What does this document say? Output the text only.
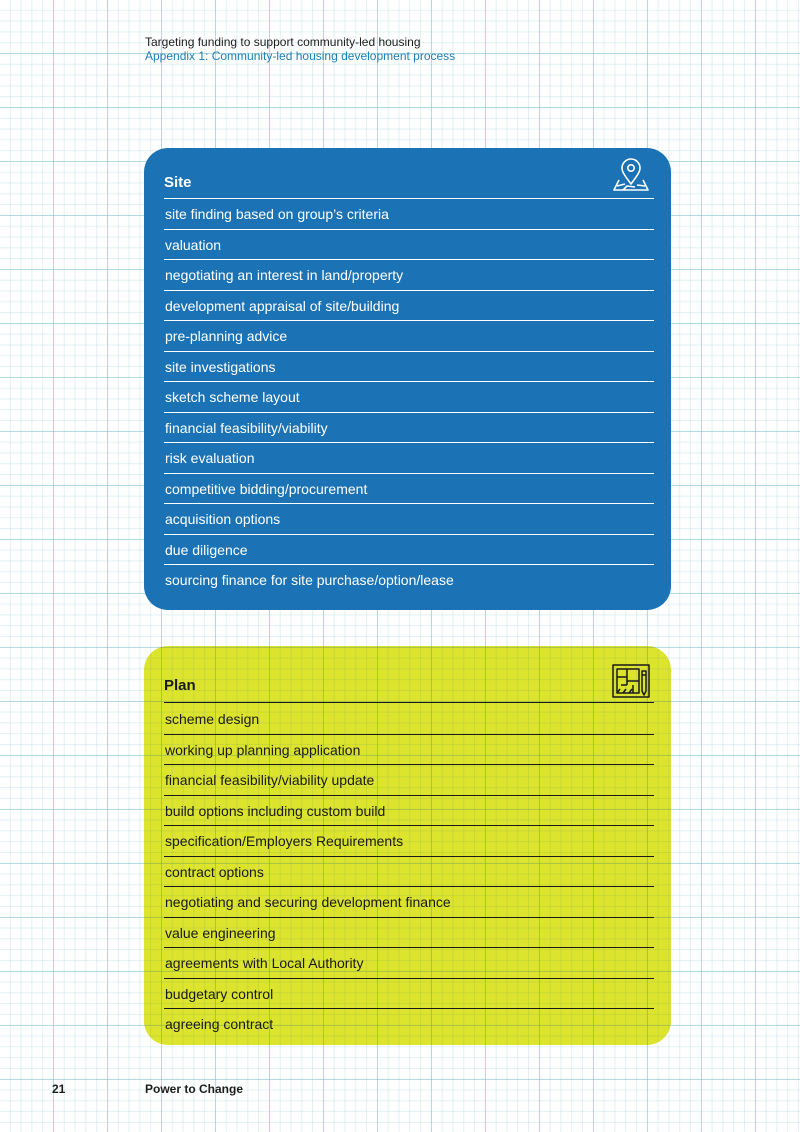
Targeting funding to support community-led housing
Appendix 1: Community-led housing development process
Site
site finding based on group’s criteria
valuation
negotiating an interest in land/property
development appraisal of site/building
pre-planning advice
site investigations
sketch scheme layout
financial feasibility/viability
risk evaluation
competitive bidding/procurement
acquisition options
due diligence
sourcing finance for site purchase/option/lease
Plan
scheme design
working up planning application
financial feasibility/viability update
build options including custom build
specification/Employers Requirements
contract options
negotiating and securing development finance
value engineering
agreements with Local Authority
budgetary control
agreeing contract
21	Power to Change
